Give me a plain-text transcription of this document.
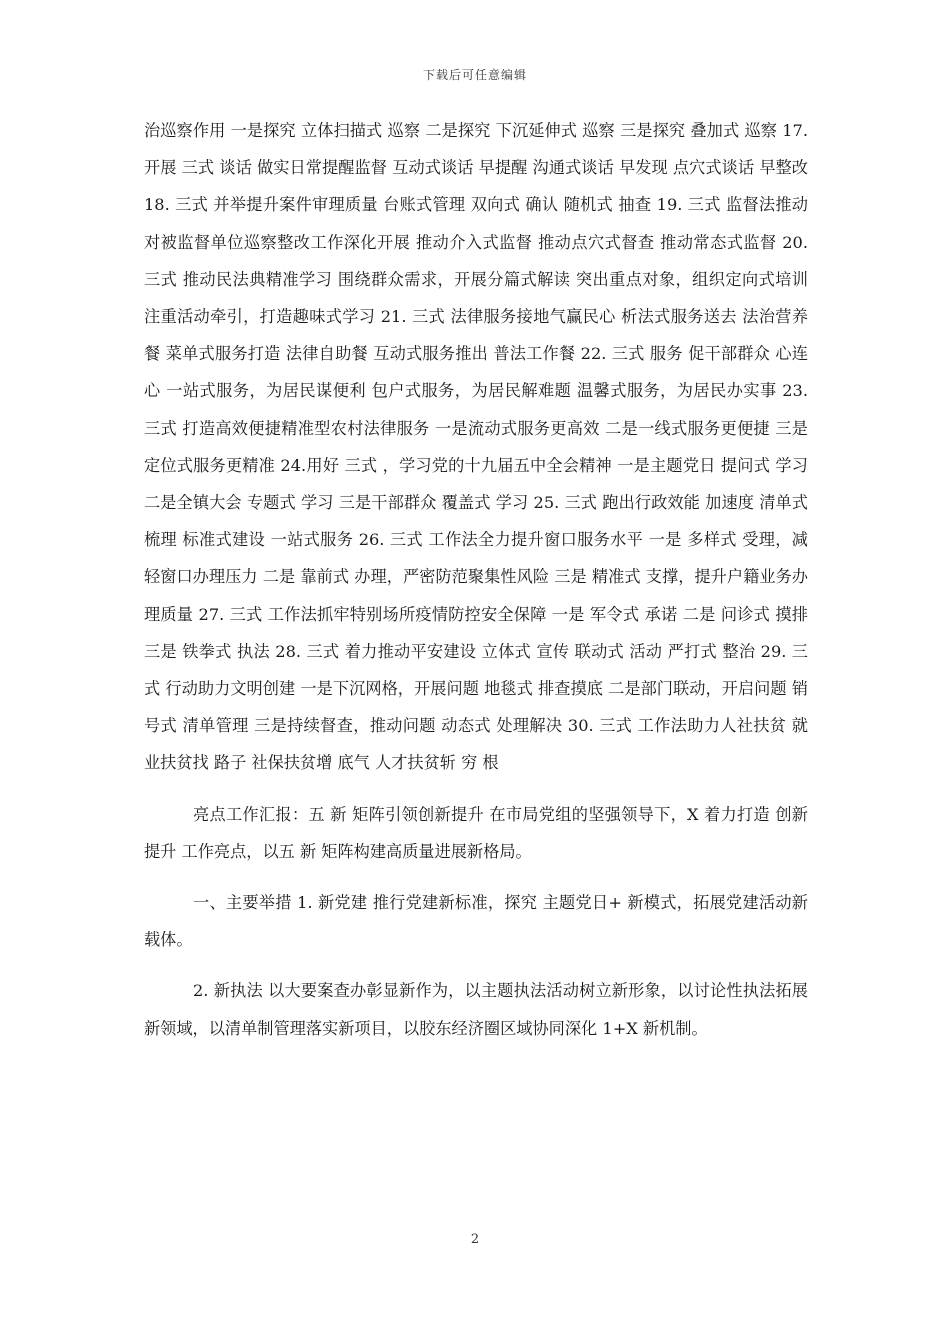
下载后可任意编辑

治巡察作用 一是探究 立体扫描式 巡察 二是探究 下沉延伸式 巡察 三是探究 叠加式 巡察 17.开展 三式 谈话 做实日常提醒监督 互动式谈话 早提醒 沟通式谈话 早发现 点穴式谈话 早整改 18. 三式 并举提升案件审理质量 台账式管理 双向式 确认 随机式 抽查 19. 三式 监督法推动对被监督单位巡察整改工作深化开展 推动介入式监督 推动点穴式督查 推动常态式监督 20. 三式 推动民法典精准学习 围绕群众需求，开展分篇式解读 突出重点对象，组织定向式培训 注重活动牵引，打造趣味式学习 21. 三式 法律服务接地气赢民心 析法式服务送去 法治营养餐 菜单式服务打造 法律自助餐 互动式服务推出 普法工作餐 22. 三式 服务 促干部群众 心连心 一站式服务，为居民谋便利 包户式服务，为居民解难题 温馨式服务，为居民办实事 23. 三式 打造高效便捷精准型农村法律服务 一是流动式服务更高效 二是一线式服务更便捷 三是定位式服务更精准 24.用好 三式 ，学习党的十九届五中全会精神 一是主题党日 提问式 学习 二是全镇大会 专题式 学习 三是干部群众 覆盖式 学习 25. 三式 跑出行政效能 加速度 清单式梳理 标准式建设 一站式服务 26. 三式 工作法全力提升窗口服务水平 一是 多样式 受理，减轻窗口办理压力 二是 靠前式 办理，严密防范聚集性风险 三是 精准式 支撑，提升户籍业务办理质量 27. 三式 工作法抓牢特别场所疫情防控安全保障 一是 军令式 承诺 二是 问诊式 摸排 三是 铁拳式 执法 28. 三式 着力推动平安建设 立体式 宣传 联动式 活动 严打式 整治 29. 三式 行动助力文明创建 一是下沉网格，开展问题 地毯式 排查摸底 二是部门联动，开启问题 销号式 清单管理 三是持续督查，推动问题 动态式 处理解决 30. 三式 工作法助力人社扶贫 就业扶贫找 路子 社保扶贫增 底气 人才扶贫斩 穷 根

亮点工作汇报：五 新 矩阵引领创新提升 在市局党组的坚强领导下，X 着力打造 创新提升 工作亮点，以五 新 矩阵构建高质量进展新格局。

一、主要举措 1. 新党建 推行党建新标准，探究 主题党日+ 新模式，拓展党建活动新载体。

2. 新执法 以大要案查办彰显新作为，以主题执法活动树立新形象，以讨论性执法拓展新领域，以清单制管理落实新项目，以胶东经济圈区域协同深化 1+X 新机制。

2
